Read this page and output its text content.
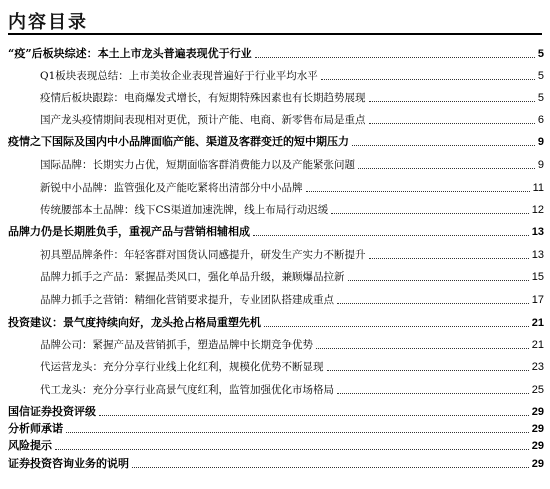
内容目录
“疫”后板块综述：本土上市龙头普遍表现优于行业	5
Q1板块表现总结：上市美妆企业表现普遍好于行业平均水平	5
疫情后板块跟踪：电商爆发式增长，有短期特殊因素也有长期趋势展现	5
国产龙头疫情期间表现相对更优，预计产能、电商、新零售布局是重点	6
疫情之下国际及国内中小品牌面临产能、渠道及客群变迁的短中期压力	9
国际品牌：长期实力占优，短期面临客群消费能力以及产能紧张问题	9
新锐中小品牌：监管强化及产能吃紧将出清部分中小品牌	11
传统腰部本土品牌：线下CS渠道加速洗牌，线上布局行动迟缓	12
品牌力仍是长期胜负手，重视产品与营销相辅相成	13
初具塑品牌条件：年轻客群对国货认同感提升，研发生产实力不断提升	13
品牌力抓手之产品：紧握品类风口，强化单品升级，兼顾爆品拉新	15
品牌力抓手之营销：精细化营销要求提升，专业团队搭建成重点	17
投资建议：景气度持续向好，龙头抢占格局重塑先机	21
品牌公司：紧握产品及营销抓手，塑造品牌中长期竞争优势	21
代运营龙头：充分分享行业线上化红利，规模化优势不断显现	23
代工龙头：充分分享行业高景气度红利，监管加强优化市场格局	25
国信证券投资评级	29
分析师承诺	29
风险提示	29
证券投资咨询业务的说明	29
